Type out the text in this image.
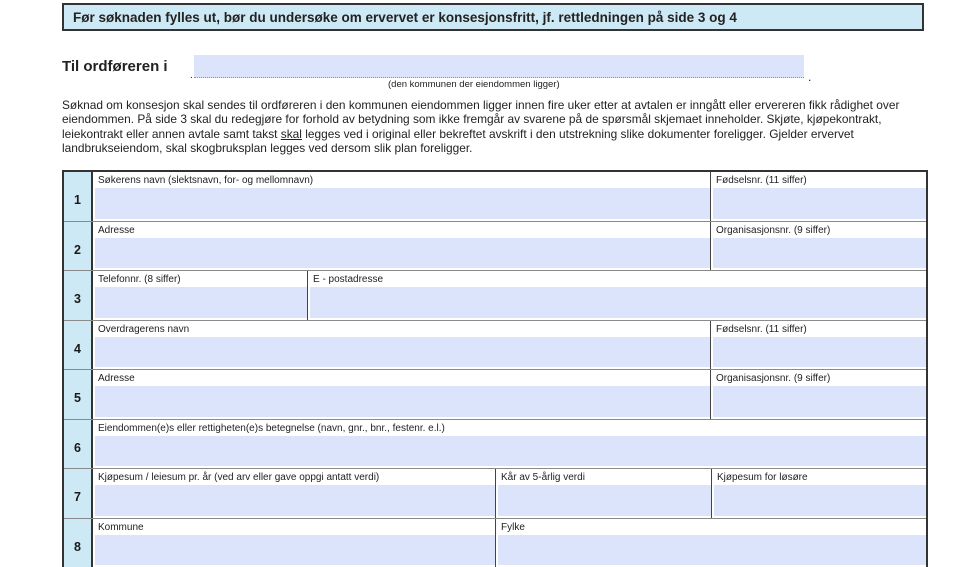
Før søknaden fylles ut, bør du undersøke om ervervet er konsesjonsfritt, jf. rettledningen på side 3 og 4
Til ordføreren i
.	.
(den kommunen der eiendommen ligger)
Søknad om konsesjon skal sendes til ordføreren i den kommunen eiendommen ligger innen fire uker etter at avtalen er inngått eller ervereren fikk rådighet over eiendommen. På side 3 skal du redegjøre for forhold av betydning som ikke fremgår av svarene på de spørsmål skjemaet inneholder. Skjøte, kjøpekontrakt, leiekontrakt eller annen avtale samt takst skal legges ved i original eller bekreftet avskrift i den utstrekning slike dokumenter foreligger. Gjelder ervervet landbrukseiendom, skal skogbruksplan legges ved dersom slik plan foreligger.
1
Søkerens navn (slektsnavn, for- og mellomnavn)	Fødselsnr. (11 siffer)
2
Adresse	Organisasjonsnr. (9 siffer)
3
Telefonnr. (8 siffer)	E - postadresse
4
Overdragerens navn	Fødselsnr. (11 siffer)
5
Adresse	Organisasjonsnr. (9 siffer)
6
Eiendommen(e)s eller rettigheten(e)s betegnelse (navn, gnr., bnr., festenr. e.l.)
7
Kjøpesum / leiesum pr. år (ved arv eller gave oppgi antatt verdi)	Kår av 5-årlig verdi	Kjøpesum for løsøre
8
Kommune	Fylke
